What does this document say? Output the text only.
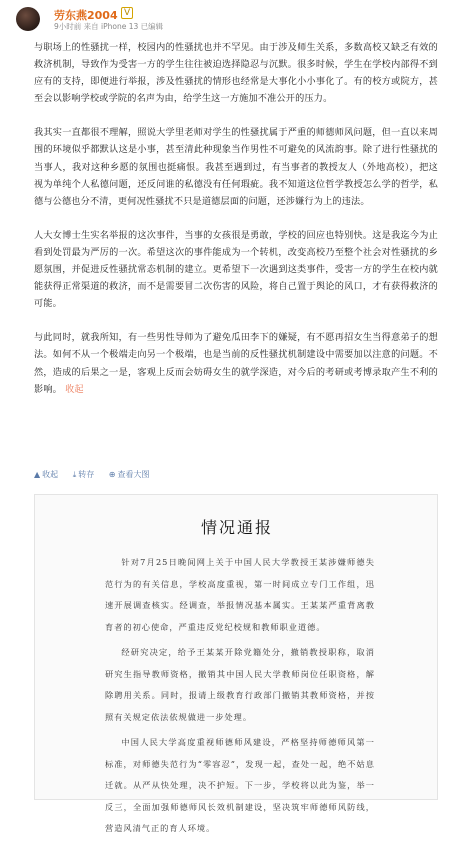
劳东燕2004 V
9小时前 来自 iPhone 13 已编辑

与职场上的性骚扰一样，校园内的性骚扰也并不罕见。由于涉及师生关系，多数高校又缺乏有效的救济机制，导致作为受害一方的学生往往被迫选择隐忍与沉默。很多时候，学生在学校内部得不到应有的支持，即便进行举报，涉及性骚扰的情形也经常是大事化小小事化了。有的校方或院方，甚至会以影响学校或学院的名声为由，给学生这一方施加不准公开的压力。

我其实一直都很不理解，照说大学里老师对学生的性骚扰属于严重的师德师风问题，但一直以来周围的环境似乎都默认这是小事，甚至清此种现象当作男性不可避免的风流韵事。除了进行性骚扰的当事人，我对这种乡愿的氛围也挺痛恨。我甚至遇到过，有当事者的教授友人（外地高校），把这视为单纯个人私德问题，还反问谁的私德没有任何瑕疵。我不知道这位哲学教授怎么学的哲学，私德与公德也分不清，更何况性骚扰不只是道德层面的问题，还涉嫌行为上的违法。

人大女博士生实名举报的这次事件，当事的女孩很是勇敢，学校的回应也特别快。这是我迄今为止看到处罚最为严厉的一次。希望这次的事件能成为一个转机，改变高校乃至整个社会对性骚扰的乡愿氛围，并促进反性骚扰常态机制的建立。更希望下一次遇到这类事件，受害一方的学生在校内就能获得正常渠道的救济，而不是需要冒二次伤害的风险，将自己置于舆论的风口，才有获得救济的可能。

与此同时，就我所知，有一些男性导师为了避免瓜田李下的嫌疑，有不愿再招女生当得意弟子的想法。如何不从一个极端走向另一个极端，也是当前的反性骚扰机制建设中需要加以注意的问题。不然，造成的后果之一是，客观上反而会妨碍女生的就学深造，对今后的考研或考博录取产生不利的影响。 收起

▲ 收起 ⤓ 转存 ⊕ 查看大图
情况通报

针对7月25日晚间网上关于中国人民大学教授王某涉嫌师德失范行为的有关信息，学校高度重视，第一时间成立专门工作组，迅速开展调查核实。经调查，举报情况基本属实。王某某严重背离教育者的初心使命，严重违反党纪校规和教师职业道德。

经研究决定，给予王某某开除党籍处分，撤销教授职称，取消研究生指导教师资格，撤销其中国人民大学教师岗位任职资格，解除聘用关系。同时，报请上级教育行政部门撤销其教师资格，并按照有关规定依法依规做进一步处理。

中国人民大学高度重视师德师风建设，严格坚持师德师风第一标准，对师德失范行为“零容忍”，发现一起，查处一起，绝不姑息迁就。从严从快处理，决不护短。下一步，学校将以此为鉴，举一反三，全面加强师德师风长效机制建设，坚决筑牢师德师风防线，营造风清气正的育人环境。
